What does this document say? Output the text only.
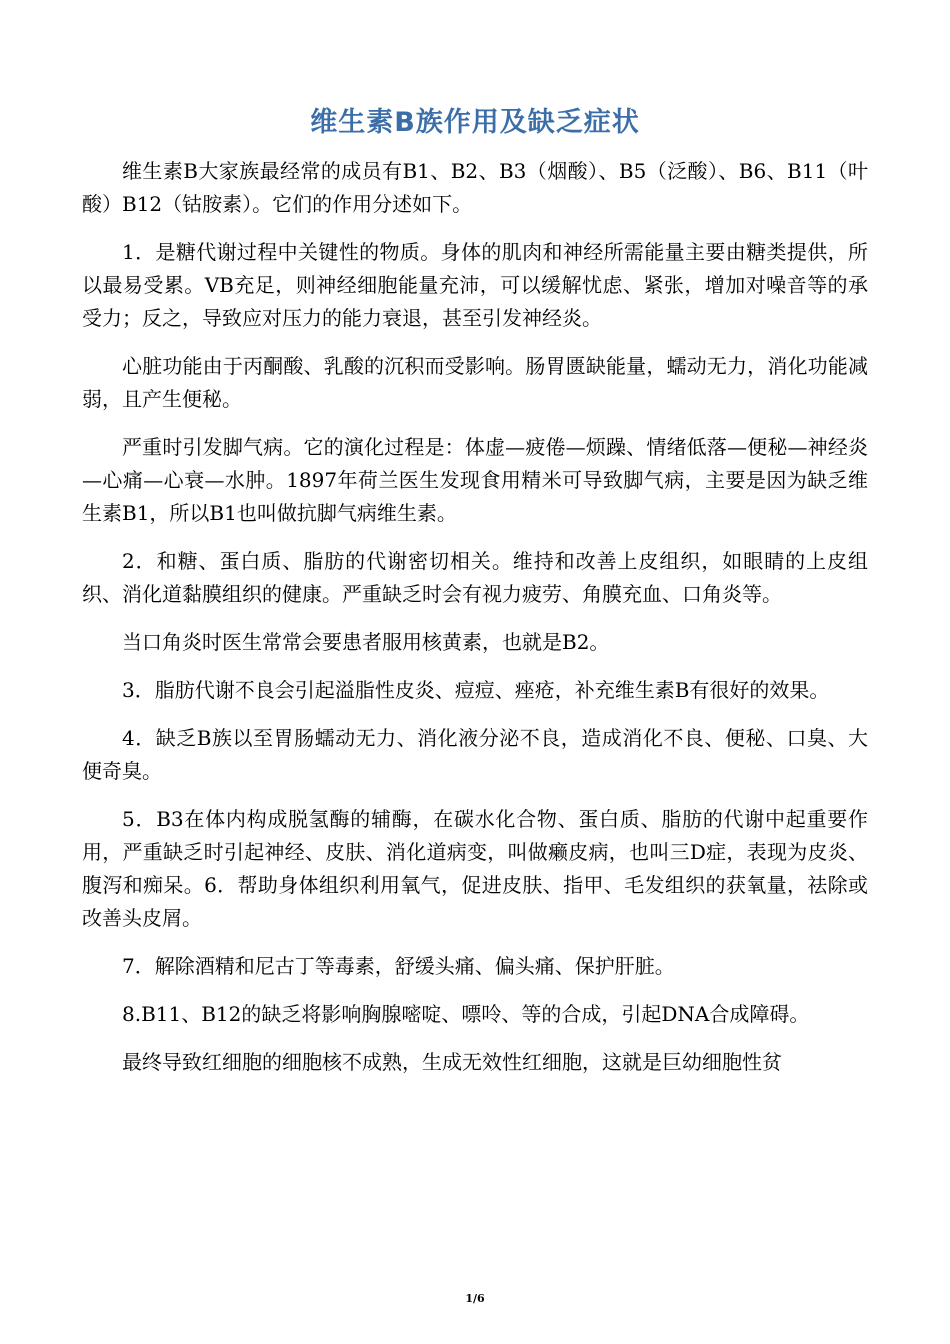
维生素B族作用及缺乏症状

维生素B大家族最经常的成员有B1、B2、B3（烟酸）、B5（泛酸）、B6、B11（叶酸）B12（钴胺素）。它们的作用分述如下。

1．是糖代谢过程中关键性的物质。身体的肌肉和神经所需能量主要由糖类提供，所以最易受累。VB充足，则神经细胞能量充沛，可以缓解忧虑、紧张，增加对噪音等的承受力；反之，导致应对压力的能力衰退，甚至引发神经炎。

心脏功能由于丙酮酸、乳酸的沉积而受影响。肠胃匮缺能量，蠕动无力，消化功能减弱，且产生便秘。

严重时引发脚气病。它的演化过程是：体虚—疲倦—烦躁、情绪低落—便秘—神经炎—心痛—心衰—水肿。1897年荷兰医生发现食用精米可导致脚气病，主要是因为缺乏维生素B1，所以B1也叫做抗脚气病维生素。

2．和糖、蛋白质、脂肪的代谢密切相关。维持和改善上皮组织，如眼睛的上皮组织、消化道黏膜组织的健康。严重缺乏时会有视力疲劳、角膜充血、口角炎等。

当口角炎时医生常常会要患者服用核黄素，也就是B2。

3．脂肪代谢不良会引起溢脂性皮炎、痘痘、痤疮，补充维生素B有很好的效果。

4．缺乏B族以至胃肠蠕动无力、消化液分泌不良，造成消化不良、便秘、口臭、大便奇臭。

5．B3在体内构成脱氢酶的辅酶，在碳水化合物、蛋白质、脂肪的代谢中起重要作用，严重缺乏时引起神经、皮肤、消化道病变，叫做癞皮病，也叫三D症，表现为皮炎、腹泻和痴呆。6．帮助身体组织利用氧气，促进皮肤、指甲、毛发组织的获氧量，祛除或改善头皮屑。

7．解除酒精和尼古丁等毒素，舒缓头痛、偏头痛、保护肝脏。

8.B11、B12的缺乏将影响胸腺嘧啶、嘌呤、等的合成，引起DNA合成障碍。

最终导致红细胞的细胞核不成熟，生成无效性红细胞，这就是巨幼细胞性贫

1/6
